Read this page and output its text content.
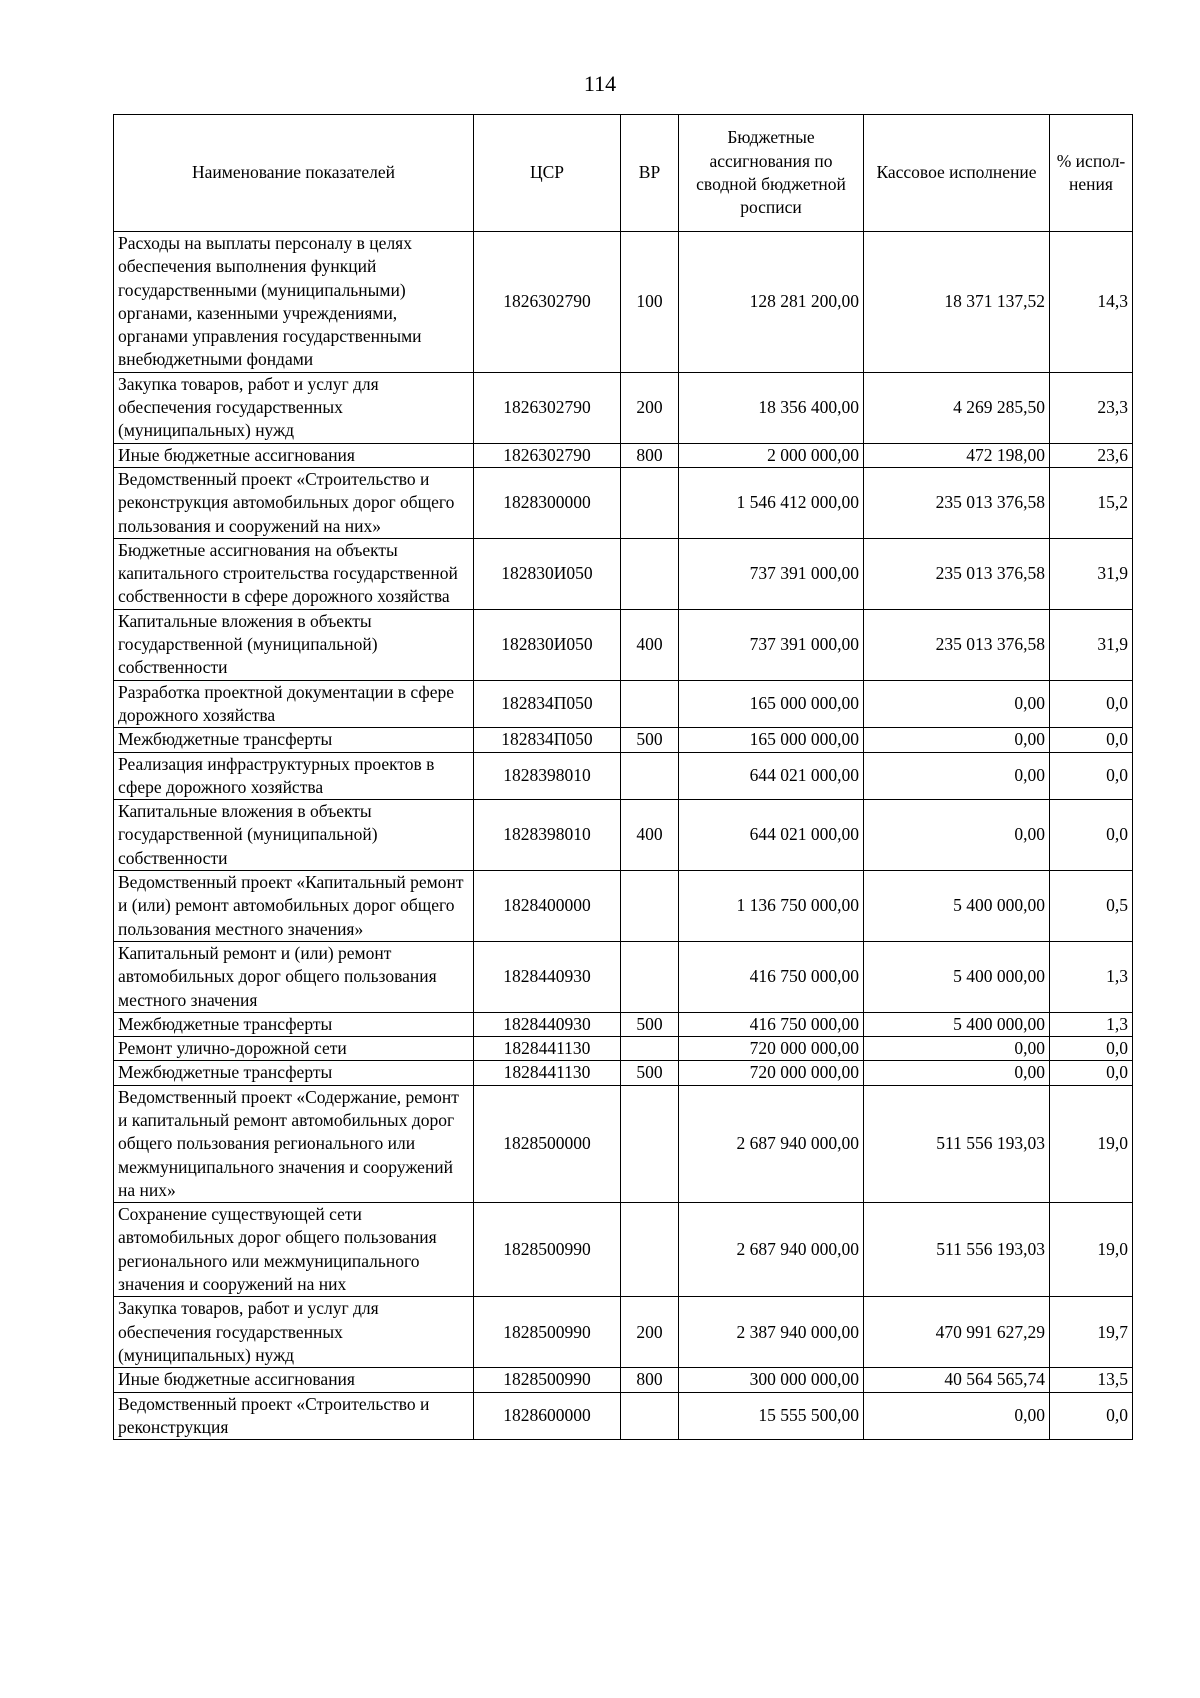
114
Наименование показателей	ЦСР	ВР	Бюджетные ассигнования по сводной бюджетной росписи	Кассовое исполнение	% испол-нения
Расходы на выплаты персоналу в целях обеспечения выполнения функций государственными (муниципальными) органами, казенными учреждениями, органами управления государственными внебюджетными фондами	1826302790	100	128 281 200,00	18 371 137,52	14,3
Закупка товаров, работ и услуг для обеспечения государственных (муниципальных) нужд	1826302790	200	18 356 400,00	4 269 285,50	23,3
Иные бюджетные ассигнования	1826302790	800	2 000 000,00	472 198,00	23,6
Ведомственный проект «Строительство и реконструкция автомобильных дорог общего пользования и сооружений на них»	1828300000		1 546 412 000,00	235 013 376,58	15,2
Бюджетные ассигнования на объекты капитального строительства государственной собственности в сфере дорожного хозяйства	182830И050		737 391 000,00	235 013 376,58	31,9
Капитальные вложения в объекты государственной (муниципальной) собственности	182830И050	400	737 391 000,00	235 013 376,58	31,9
Разработка проектной документации в сфере дорожного хозяйства	182834П050		165 000 000,00	0,00	0,0
Межбюджетные трансферты	182834П050	500	165 000 000,00	0,00	0,0
Реализация инфраструктурных проектов в сфере дорожного хозяйства	1828398010		644 021 000,00	0,00	0,0
Капитальные вложения в объекты государственной (муниципальной) собственности	1828398010	400	644 021 000,00	0,00	0,0
Ведомственный проект «Капитальный ремонт и (или) ремонт автомобильных дорог общего пользования местного значения»	1828400000		1 136 750 000,00	5 400 000,00	0,5
Капитальный ремонт и (или) ремонт автомобильных дорог общего пользования местного значения	1828440930		416 750 000,00	5 400 000,00	1,3
Межбюджетные трансферты	1828440930	500	416 750 000,00	5 400 000,00	1,3
Ремонт улично-дорожной сети	1828441130		720 000 000,00	0,00	0,0
Межбюджетные трансферты	1828441130	500	720 000 000,00	0,00	0,0
Ведомственный проект «Содержание, ремонт и капитальный ремонт автомобильных дорог общего пользования регионального или межмуниципального значения и сооружений на них»	1828500000		2 687 940 000,00	511 556 193,03	19,0
Сохранение существующей сети автомобильных дорог общего пользования регионального или межмуниципального значения и сооружений на них	1828500990		2 687 940 000,00	511 556 193,03	19,0
Закупка товаров, работ и услуг для обеспечения государственных (муниципальных) нужд	1828500990	200	2 387 940 000,00	470 991 627,29	19,7
Иные бюджетные ассигнования	1828500990	800	300 000 000,00	40 564 565,74	13,5
Ведомственный проект «Строительство и реконструкция	1828600000		15 555 500,00	0,00	0,0
